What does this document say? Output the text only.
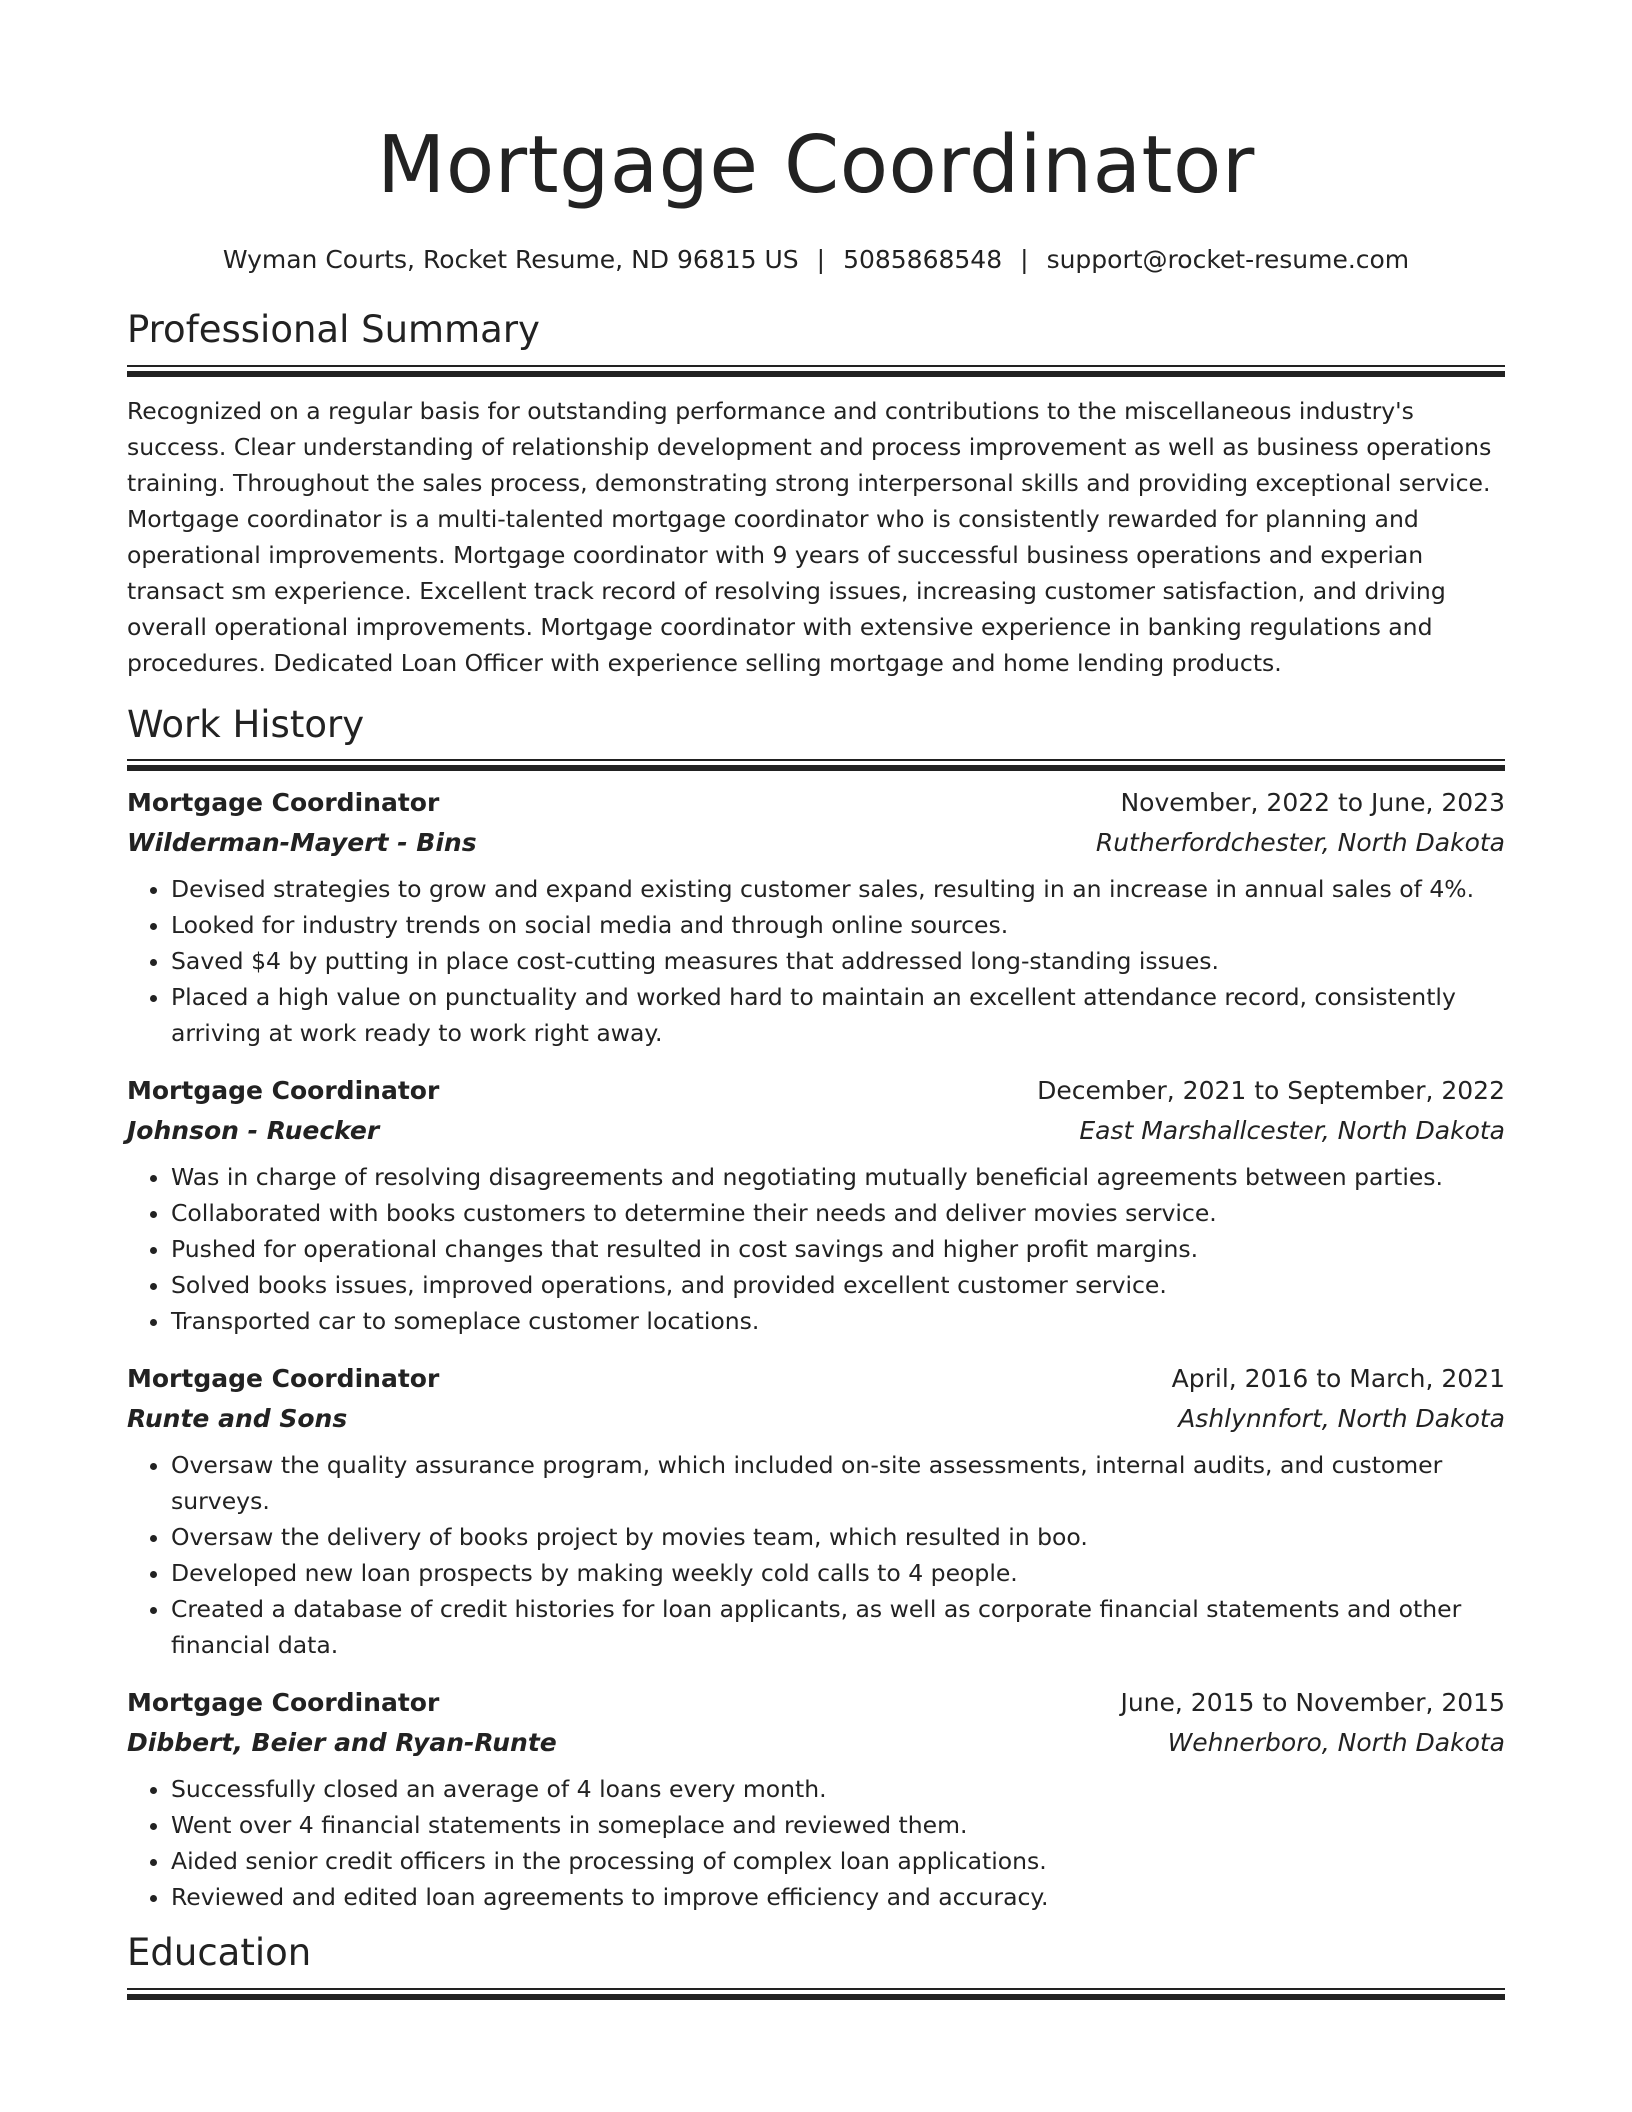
Mortgage Coordinator
Wyman Courts, Rocket Resume, ND 96815 US | 5085868548 | support@rocket-resume.com
Professional Summary

Recognized on a regular basis for outstanding performance and contributions to the miscellaneous industry's success. Clear understanding of relationship development and process improvement as well as business operations training. Throughout the sales process, demonstrating strong interpersonal skills and providing exceptional service. Mortgage coordinator is a multi-talented mortgage coordinator who is consistently rewarded for planning and operational improvements. Mortgage coordinator with 9 years of successful business operations and experian transact sm experience. Excellent track record of resolving issues, increasing customer satisfaction, and driving overall operational improvements. Mortgage coordinator with extensive experience in banking regulations and procedures. Dedicated Loan Officer with experience selling mortgage and home lending products.

Work History
Mortgage Coordinator	November, 2022 to June, 2023
Wilderman-Mayert - Bins	Rutherfordchester, North Dakota
• Devised strategies to grow and expand existing customer sales, resulting in an increase in annual sales of 4%.
• Looked for industry trends on social media and through online sources.
• Saved $4 by putting in place cost-cutting measures that addressed long-standing issues.
• Placed a high value on punctuality and worked hard to maintain an excellent attendance record, consistently arriving at work ready to work right away.
Mortgage Coordinator	December, 2021 to September, 2022
Johnson - Ruecker	East Marshallcester, North Dakota
• Was in charge of resolving disagreements and negotiating mutually beneficial agreements between parties.
• Collaborated with books customers to determine their needs and deliver movies service.
• Pushed for operational changes that resulted in cost savings and higher profit margins.
• Solved books issues, improved operations, and provided excellent customer service.
• Transported car to someplace customer locations.
Mortgage Coordinator	April, 2016 to March, 2021
Runte and Sons	Ashlynnfort, North Dakota
• Oversaw the quality assurance program, which included on-site assessments, internal audits, and customer surveys.
• Oversaw the delivery of books project by movies team, which resulted in boo.
• Developed new loan prospects by making weekly cold calls to 4 people.
• Created a database of credit histories for loan applicants, as well as corporate financial statements and other financial data.
Mortgage Coordinator	June, 2015 to November, 2015
Dibbert, Beier and Ryan-Runte	Wehnerboro, North Dakota
• Successfully closed an average of 4 loans every month.
• Went over 4 financial statements in someplace and reviewed them.
• Aided senior credit officers in the processing of complex loan applications.
• Reviewed and edited loan agreements to improve efficiency and accuracy.
Education
